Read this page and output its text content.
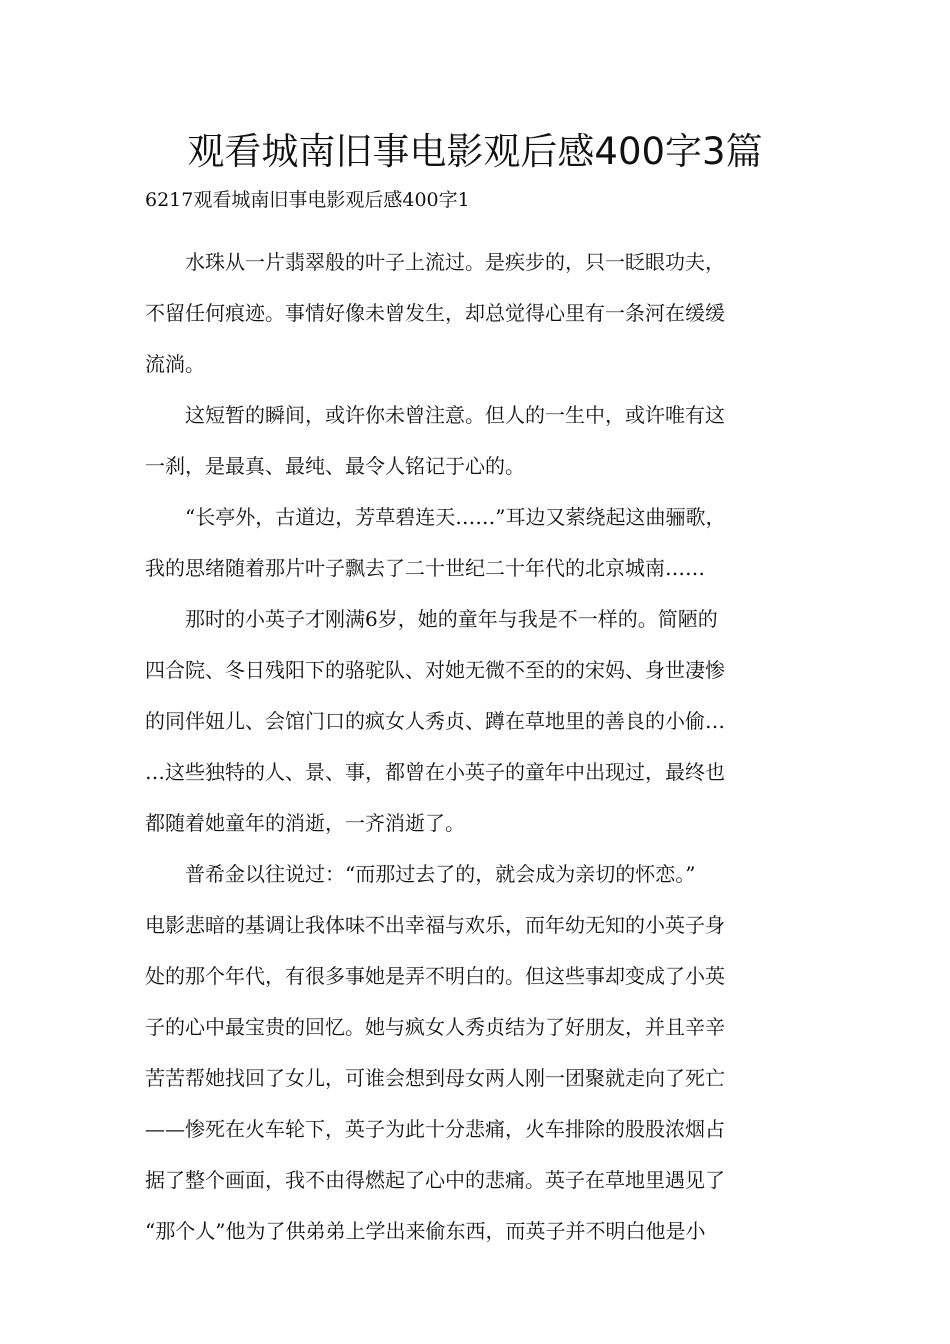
观看城南旧事电影观后感400字3篇
6217观看城南旧事电影观后感400字1
　　水珠从一片翡翠般的叶子上流过。是疾步的，只一眨眼功夫，
不留任何痕迹。事情好像未曾发生，却总觉得心里有一条河在缓缓
流淌。
　　这短暂的瞬间，或许你未曾注意。但人的一生中，或许唯有这
一刹，是最真、最纯、最令人铭记于心的。
　　“长亭外，古道边，芳草碧连天……”耳边又萦绕起这曲骊歌，
我的思绪随着那片叶子飘去了二十世纪二十年代的北京城南……
　　那时的小英子才刚满6岁，她的童年与我是不一样的。简陋的
四合院、冬日残阳下的骆驼队、对她无微不至的的宋妈、身世凄惨
的同伴妞儿、会馆门口的疯女人秀贞、蹲在草地里的善良的小偷…
…这些独特的人、景、事，都曾在小英子的童年中出现过，最终也
都随着她童年的消逝，一齐消逝了。
　　普希金以往说过：“而那过去了的，就会成为亲切的怀恋。”
电影悲暗的基调让我体味不出幸福与欢乐，而年幼无知的小英子身
处的那个年代，有很多事她是弄不明白的。但这些事却变成了小英
子的心中最宝贵的回忆。她与疯女人秀贞结为了好朋友，并且辛辛
苦苦帮她找回了女儿，可谁会想到母女两人刚一团聚就走向了死亡
——惨死在火车轮下，英子为此十分悲痛，火车排除的股股浓烟占
据了整个画面，我不由得燃起了心中的悲痛。英子在草地里遇见了
“那个人”他为了供弟弟上学出来偷东西，而英子并不明白他是小
